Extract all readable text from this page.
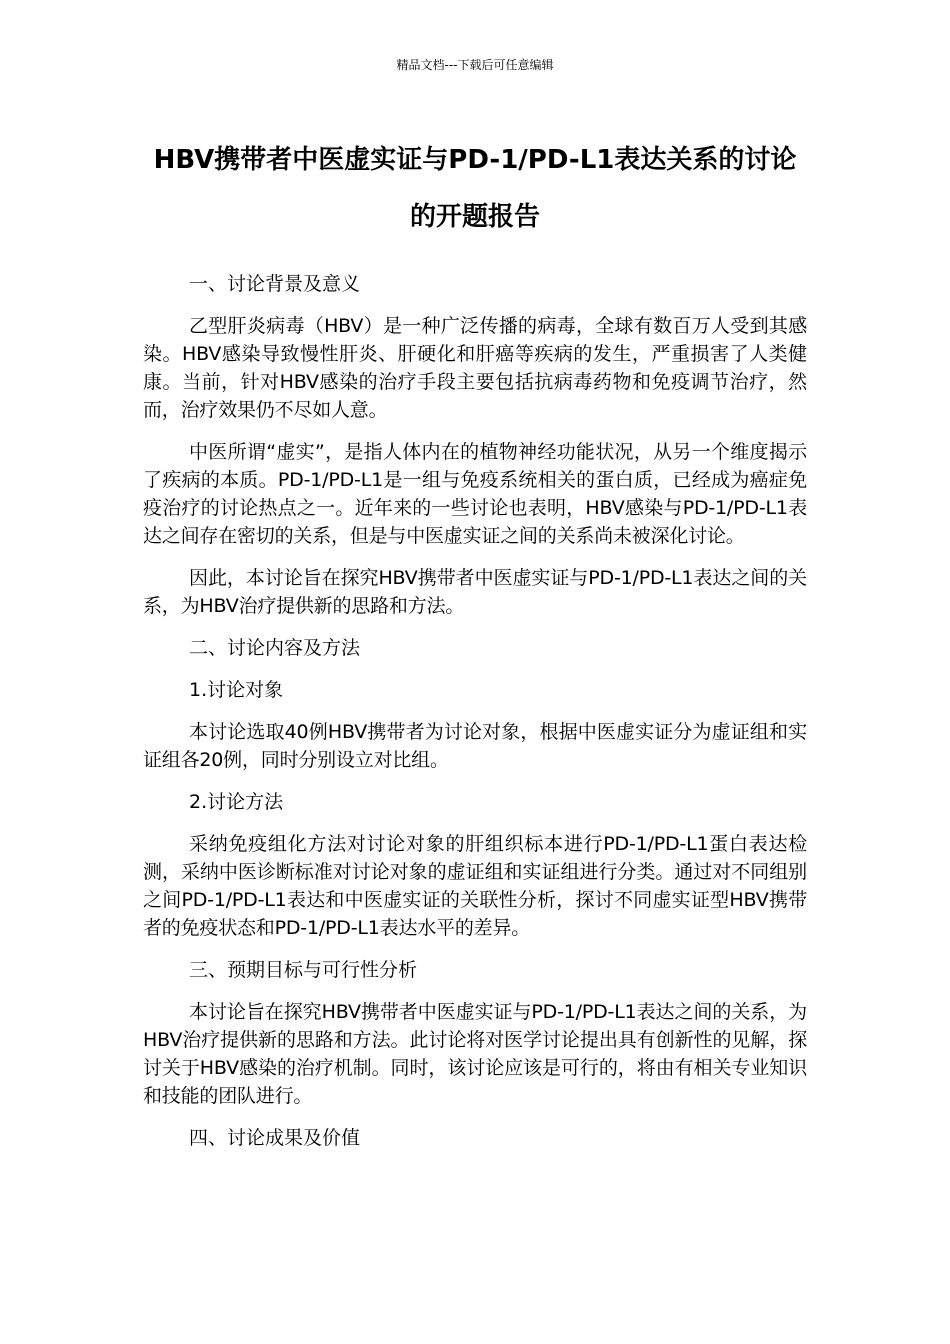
精品文档---下载后可任意编辑
HBV携带者中医虚实证与PD-1/PD-L1表达关系的讨论的开题报告

一、讨论背景及意义

乙型肝炎病毒（HBV）是一种广泛传播的病毒，全球有数百万人受到其感染。HBV感染导致慢性肝炎、肝硬化和肝癌等疾病的发生，严重损害了人类健康。当前，针对HBV感染的治疗手段主要包括抗病毒药物和免疫调节治疗，然而，治疗效果仍不尽如人意。

中医所谓“虚实”，是指人体内在的植物神经功能状况，从另一个维度揭示了疾病的本质。PD-1/PD-L1是一组与免疫系统相关的蛋白质，已经成为癌症免疫治疗的讨论热点之一。近年来的一些讨论也表明，HBV感染与PD-1/PD-L1表达之间存在密切的关系，但是与中医虚实证之间的关系尚未被深化讨论。

因此，本讨论旨在探究HBV携带者中医虚实证与PD-1/PD-L1表达之间的关系，为HBV治疗提供新的思路和方法。

二、讨论内容及方法

1.讨论对象

本讨论选取40例HBV携带者为讨论对象，根据中医虚实证分为虚证组和实证组各20例，同时分别设立对比组。

2.讨论方法

采纳免疫组化方法对讨论对象的肝组织标本进行PD-1/PD-L1蛋白表达检测，采纳中医诊断标准对讨论对象的虚证组和实证组进行分类。通过对不同组别之间PD-1/PD-L1表达和中医虚实证的关联性分析，探讨不同虚实证型HBV携带者的免疫状态和PD-1/PD-L1表达水平的差异。

三、预期目标与可行性分析

本讨论旨在探究HBV携带者中医虚实证与PD-1/PD-L1表达之间的关系，为HBV治疗提供新的思路和方法。此讨论将对医学讨论提出具有创新性的见解，探讨关于HBV感染的治疗机制。同时，该讨论应该是可行的，将由有相关专业知识和技能的团队进行。

四、讨论成果及价值
